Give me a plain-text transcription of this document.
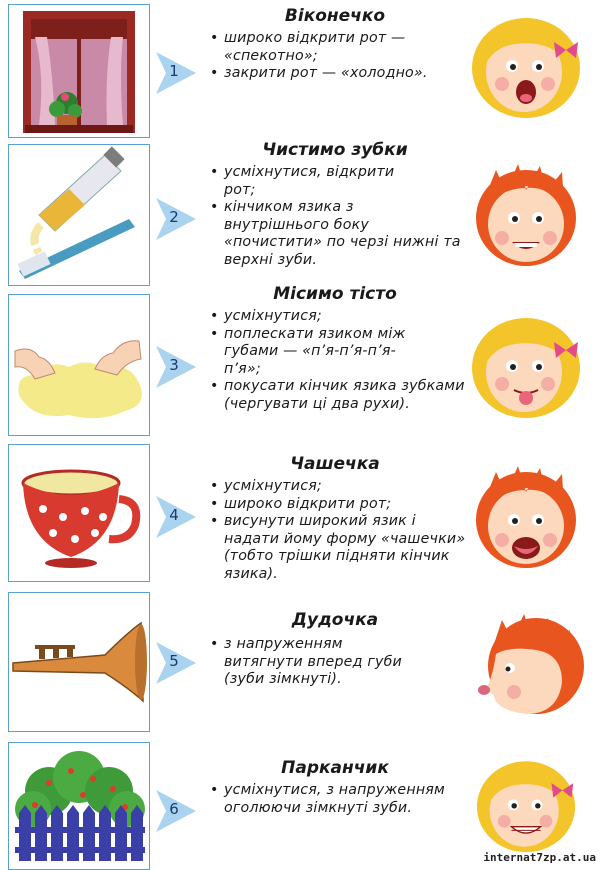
1
Віконечко
• широко відкрити рот — «спекотно»;
• закрити рот — «холодно».
2
Чистимо зубки
• усміхнутися, відкрити рот;
• кінчиком язика з внутрішнього боку «почистити» по черзі нижні та верхні зуби.
3
Місимо тісто
• усміхнутися;
• поплескати язиком між губами — «п’я-п’я-п’я-п’я»;
• покусати кінчик язика зубками (чергувати ці два рухи).
4
Чашечка
• усміхнутися;
• широко відкрити рот;
• висунути широкий язик і надати йому форму «чашечки» (тобто трішки підняти кінчик язика).
5
Дудочка
• з напруженням витягнути вперед губи (зуби зімкнуті).
6
Парканчик
• усміхнутися, з напруженням оголюючи зімкнуті зуби.
internat7zp.at.ua
